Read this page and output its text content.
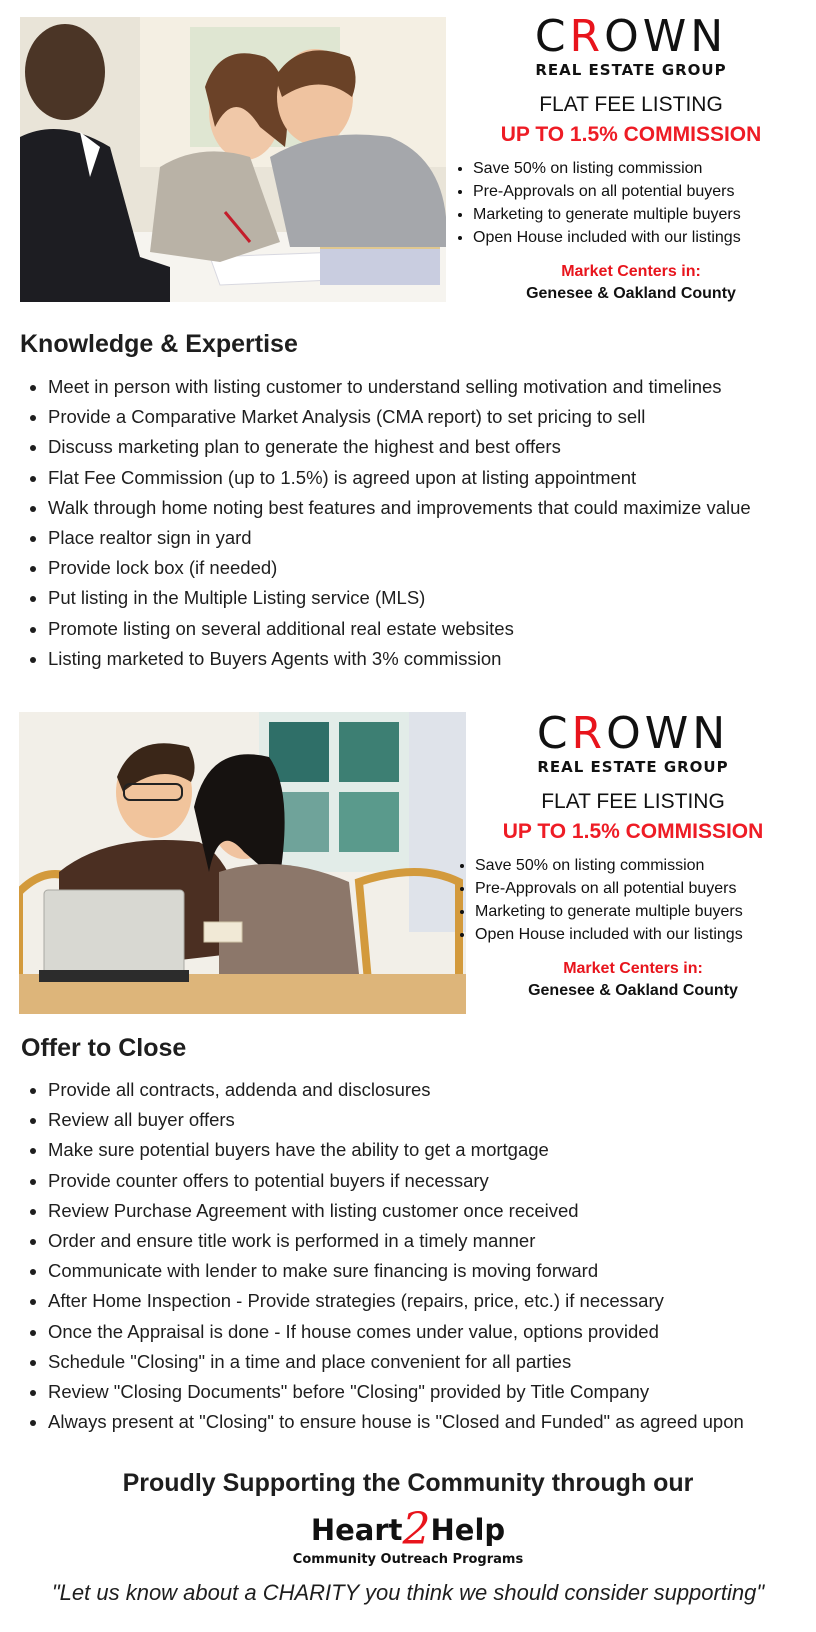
CROWN
REAL ESTATE GROUP
FLAT FEE LISTING
UP TO 1.5% COMMISSION
• Save 50% on listing commission
• Pre-Approvals on all potential buyers
• Marketing to generate multiple buyers
• Open House included with our listings
Market Centers in:
Genesee & Oakland County
Knowledge & Expertise
• Meet in person with listing customer to understand selling motivation and timelines
• Provide a Comparative Market Analysis (CMA report) to set pricing to sell
• Discuss marketing plan to generate the highest and best offers
• Flat Fee Commission (up to 1.5%) is agreed upon at listing appointment
• Walk through home noting best features and improvements that could maximize value
• Place realtor sign in yard
• Provide lock box (if needed)
• Put listing in the Multiple Listing service (MLS)
• Promote listing on several additional real estate websites
• Listing marketed to Buyers Agents with 3% commission
CROWN
REAL ESTATE GROUP
FLAT FEE LISTING
UP TO 1.5% COMMISSION
• Save 50% on listing commission
• Pre-Approvals on all potential buyers
• Marketing to generate multiple buyers
• Open House included with our listings
Market Centers in:
Genesee & Oakland County
Offer to Close
• Provide all contracts, addenda and disclosures
• Review all buyer offers
• Make sure potential buyers have the ability to get a mortgage
• Provide counter offers to potential buyers if necessary
• Review Purchase Agreement with listing customer once received
• Order and ensure title work is performed in a timely manner
• Communicate with lender to make sure financing is moving forward
• After Home Inspection - Provide strategies (repairs, price, etc.) if necessary
• Once the Appraisal is done - If house comes under value, options provided
• Schedule "Closing" in a time and place convenient for all parties
• Review "Closing Documents" before "Closing" provided by Title Company
• Always present at "Closing" to ensure house is "Closed and Funded" as agreed upon
Proudly Supporting the Community through our
Heart2Help
Community Outreach Programs
"Let us know about a CHARITY you think we should consider supporting"
